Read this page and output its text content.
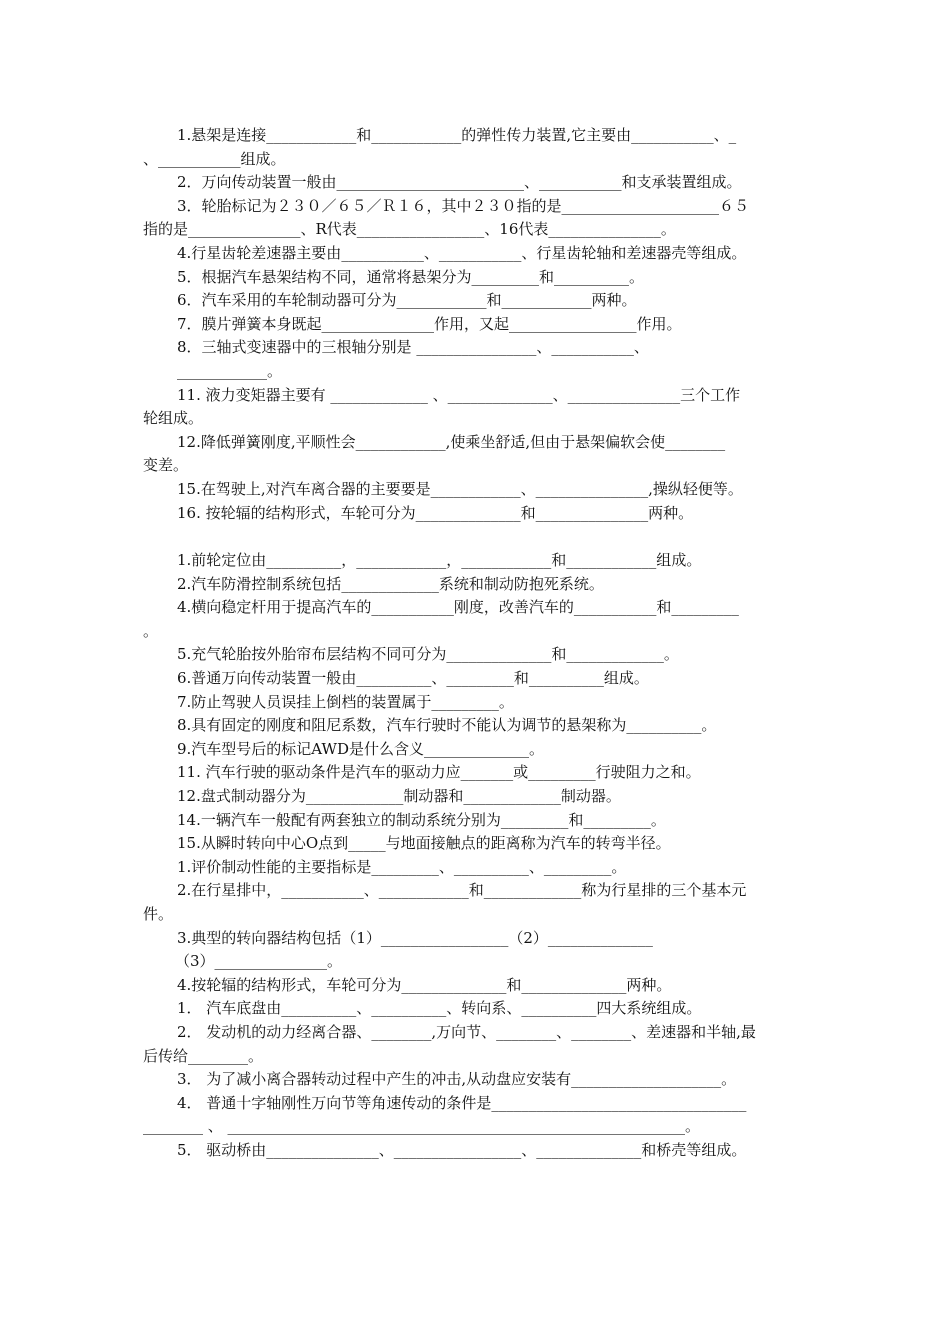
1.悬架是连接____________和____________的弹性传力装置,它主要由___________、_

、___________组成。

2．万向传动装置一般由_________________________、___________和支承装置组成。

3．轮胎标记为２３０／６５／Ｒ１６，其中２３０指的是_____________________６５

指的是_______________、R代表_________________、16代表_______________。

4.行星齿轮差速器主要由___________、___________、行星齿轮轴和差速器壳等组成。

5．根据汽车悬架结构不同，通常将悬架分为_________和__________。

6．汽车采用的车轮制动器可分为____________和____________两种。

7．膜片弹簧本身既起_______________作用，又起_________________作用。

8．三轴式变速器中的三根轴分别是 ________________、___________、

____________。

11. 液力变矩器主要有 _____________ 、______________、_______________三个工作

轮组成。

12.降低弹簧刚度,平顺性会____________,使乘坐舒适,但由于悬架偏软会使________

变差。

15.在驾驶上,对汽车离合器的主要要是____________、_______________,操纵轻便等。

16. 按轮辐的结构形式，车轮可分为______________和_______________两种。

1.前轮定位由__________，____________，____________和____________组成。

2.汽车防滑控制系统包括_____________系统和制动防抱死系统。

4.横向稳定杆用于提高汽车的___________刚度，改善汽车的___________和_________

。

5.充气轮胎按外胎帘布层结构不同可分为______________和_____________。

6.普通万向传动装置一般由__________、_________和__________组成。

7.防止驾驶人员误挂上倒档的装置属于_________。

8.具有固定的刚度和阻尼系数，汽车行驶时不能认为调节的悬架称为__________。

9.汽车型号后的标记AWD是什么含义______________。

11. 汽车行驶的驱动条件是汽车的驱动力应_______或_________行驶阻力之和。

12.盘式制动器分为_____________制动器和_____________制动器。

14.一辆汽车一般配有两套独立的制动系统分别为_________和_________。

15.从瞬时转向中心O点到_____与地面接触点的距离称为汽车的转弯半径。

1.评价制动性能的主要指标是_________、__________、_________。

2.在行星排中，___________、____________和_____________称为行星排的三个基本元

件。

3.典型的转向器结构包括（1）_________________（2）______________

（3）_______________。

4.按轮辐的结构形式，车轮可分为______________和______________两种。

1． 汽车底盘由__________、__________、转向系、__________四大系统组成。

2． 发动机的动力经离合器、________,万向节、________、________、差速器和半轴,最

后传给________。

3． 为了减小离合器转动过程中产生的冲击,从动盘应安装有____________________。

4． 普通十字轴刚性万向节等角速传动的条件是__________________________________

________ 、 _____________________________________________________________。

5． 驱动桥由_______________、_________________、______________和桥壳等组成。
